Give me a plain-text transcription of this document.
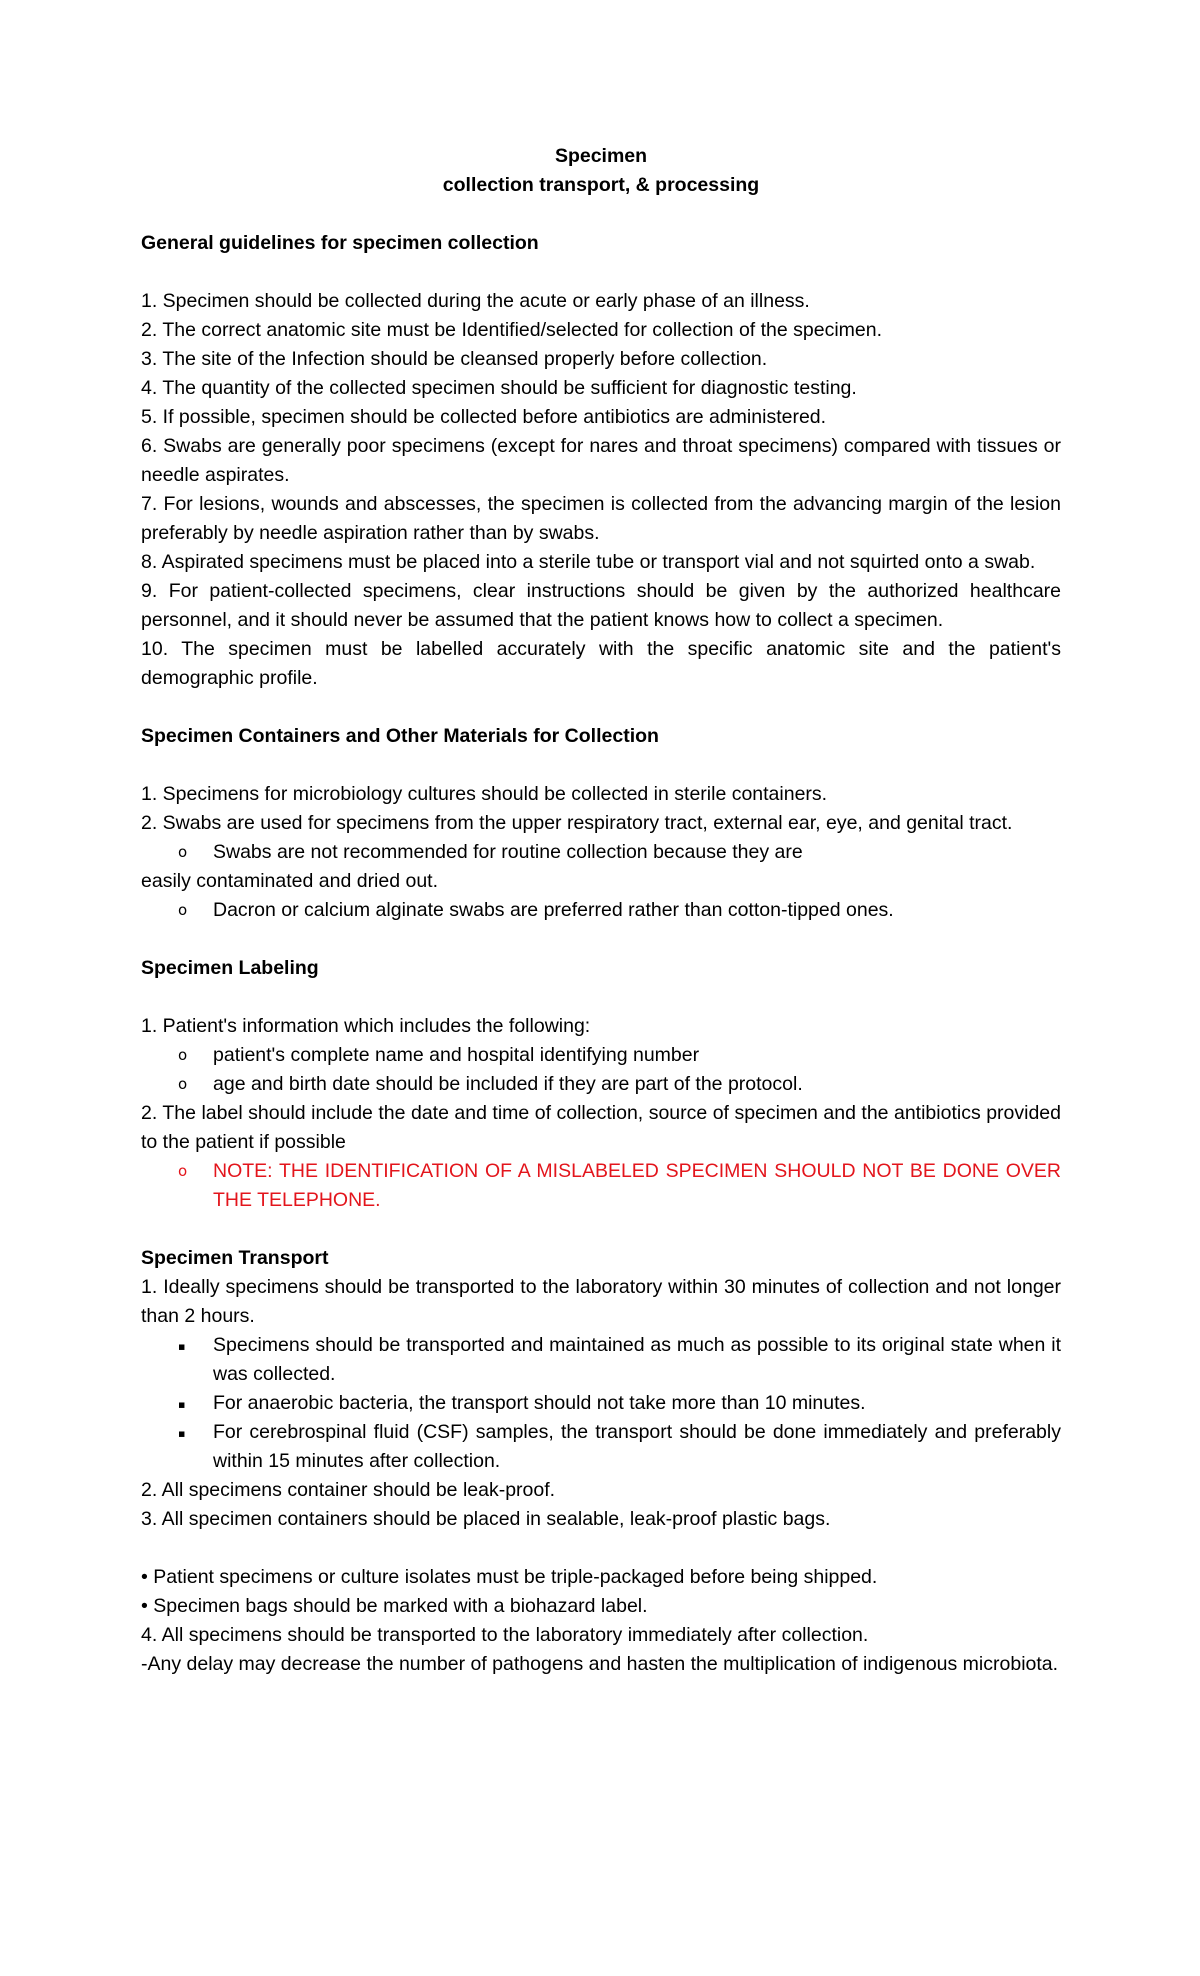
Specimen
collection transport, & processing
General guidelines for specimen collection
1. Specimen should be collected during the acute or early phase of an illness.
2. The correct anatomic site must be Identified/selected for collection of the specimen.
3. The site of the Infection should be cleansed properly before collection.
4. The quantity of the collected specimen should be sufficient for diagnostic testing.
5. If possible, specimen should be collected before antibiotics are administered.
6. Swabs are generally poor specimens (except for nares and throat specimens) compared with tissues or needle aspirates.
7. For lesions, wounds and abscesses, the specimen is collected from the advancing margin of the lesion preferably by needle aspiration rather than by swabs.
8. Aspirated specimens must be placed into a sterile tube or transport vial and not squirted onto a swab.
9. For patient-collected specimens, clear instructions should be given by the authorized healthcare personnel, and it should never be assumed that the patient knows how to collect a specimen.
10. The specimen must be labelled accurately with the specific anatomic site and the patient's demographic profile.
Specimen Containers and Other Materials for Collection
1. Specimens for microbiology cultures should be collected in sterile containers.
2. Swabs are used for specimens from the upper respiratory tract, external ear, eye, and genital tract.
o	Swabs are not recommended for routine collection because they are
easily contaminated and dried out.
o	Dacron or calcium alginate swabs are preferred rather than cotton-tipped ones.
Specimen Labeling
1. Patient's information which includes the following:
o	patient's complete name and hospital identifying number
o	age and birth date should be included if they are part of the protocol.
2. The label should include the date and time of collection, source of specimen and the antibiotics provided to the patient if possible
o	NOTE: THE IDENTIFICATION OF A MISLABELED SPECIMEN SHOULD NOT BE DONE OVER THE TELEPHONE.
Specimen Transport
1. Ideally specimens should be transported to the laboratory within 30 minutes of collection and not longer than 2 hours.
▪	Specimens should be transported and maintained as much as possible to its original state when it was collected.
▪	For anaerobic bacteria, the transport should not take more than 10 minutes.
▪	For cerebrospinal fluid (CSF) samples, the transport should be done immediately and preferably within 15 minutes after collection.
2. All specimens container should be leak-proof.
3. All specimen containers should be placed in sealable, leak-proof plastic bags.
• Patient specimens or culture isolates must be triple-packaged before being shipped.
• Specimen bags should be marked with a biohazard label.
4. All specimens should be transported to the laboratory immediately after collection.
-Any delay may decrease the number of pathogens and hasten the multiplication of indigenous microbiota.
